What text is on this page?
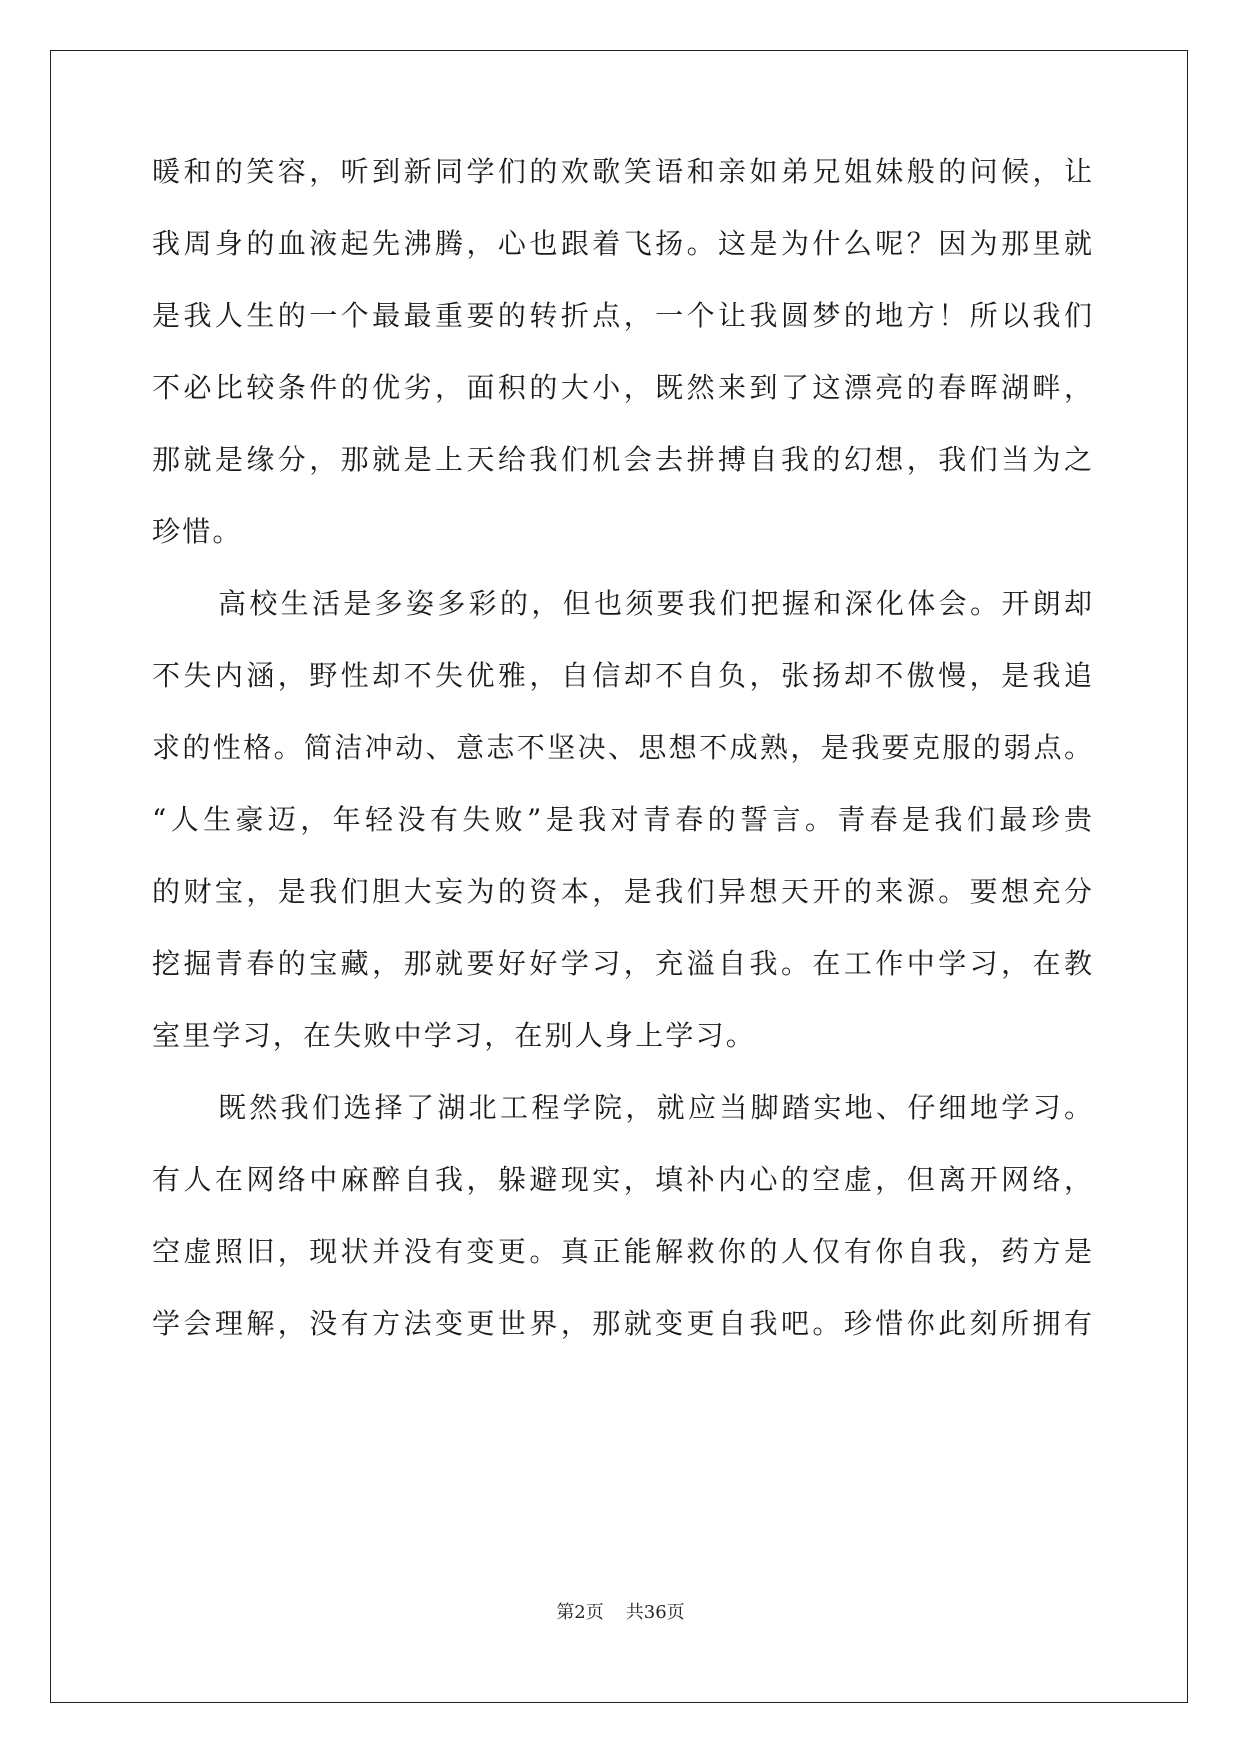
暖和的笑容，听到新同学们的欢歌笑语和亲如弟兄姐妹般的问候，让
我周身的血液起先沸腾，心也跟着飞扬。这是为什么呢？因为那里就
是我人生的一个最最重要的转折点，一个让我圆梦的地方！所以我们
不必比较条件的优劣，面积的大小，既然来到了这漂亮的春晖湖畔，
那就是缘分，那就是上天给我们机会去拼搏自我的幻想，我们当为之
珍惜。
高校生活是多姿多彩的，但也须要我们把握和深化体会。开朗却
不失内涵，野性却不失优雅，自信却不自负，张扬却不傲慢，是我追
求的性格。简洁冲动、意志不坚决、思想不成熟，是我要克服的弱点。
“人生豪迈，年轻没有失败”是我对青春的誓言。青春是我们最珍贵
的财宝，是我们胆大妄为的资本，是我们异想天开的来源。要想充分
挖掘青春的宝藏，那就要好好学习，充溢自我。在工作中学习，在教
室里学习，在失败中学习，在别人身上学习。
既然我们选择了湖北工程学院，就应当脚踏实地、仔细地学习。
有人在网络中麻醉自我，躲避现实，填补内心的空虚，但离开网络，
空虚照旧，现状并没有变更。真正能解救你的人仅有你自我，药方是
学会理解，没有方法变更世界，那就变更自我吧。珍惜你此刻所拥有
第2页 共36页
